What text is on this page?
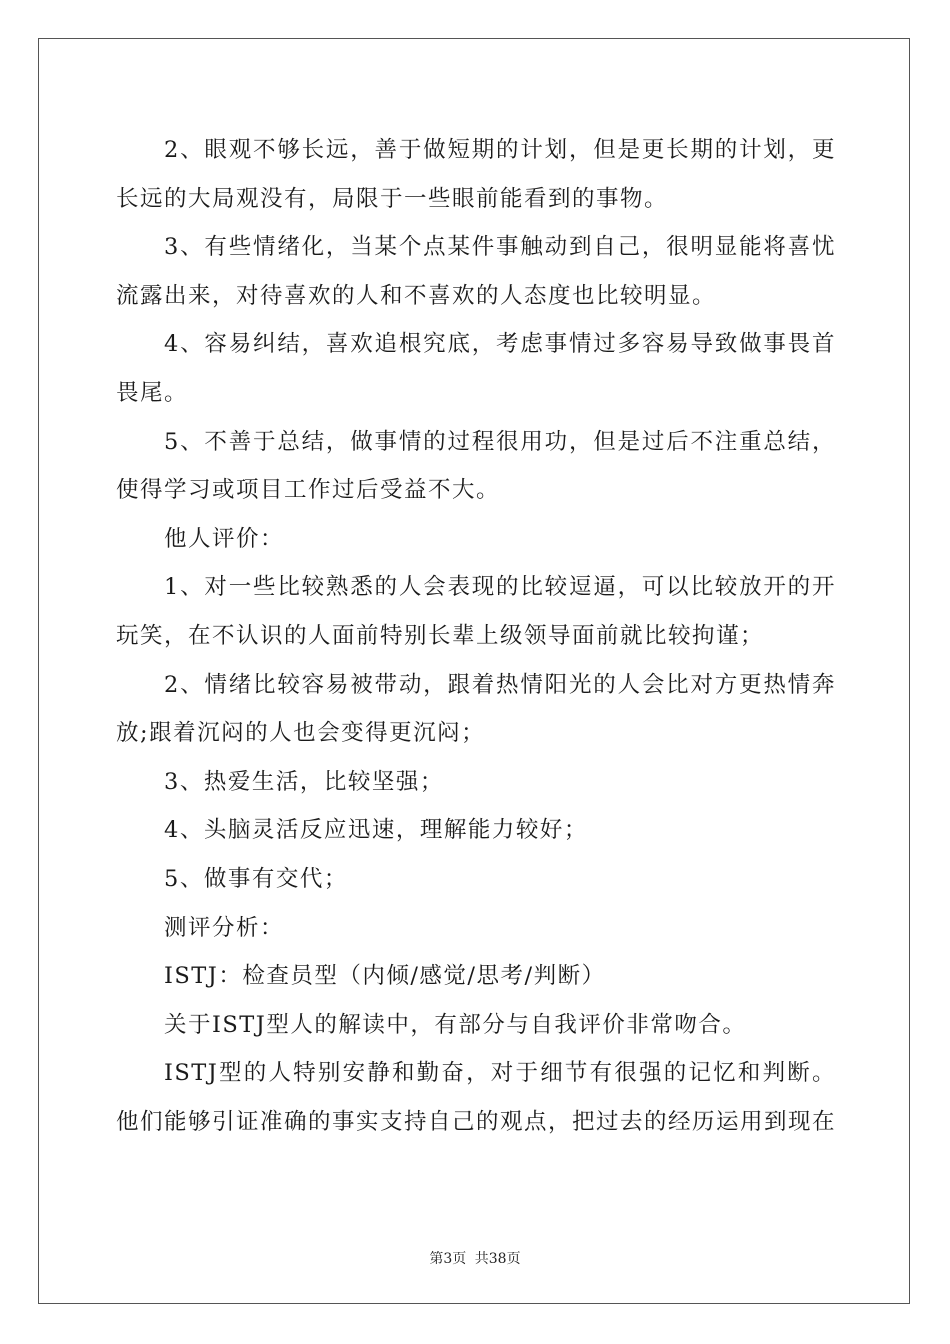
2、眼观不够长远，善于做短期的计划，但是更长期的计划，更长远的大局观没有，局限于一些眼前能看到的事物。

3、有些情绪化，当某个点某件事触动到自己，很明显能将喜忧流露出来，对待喜欢的人和不喜欢的人态度也比较明显。

4、容易纠结，喜欢追根究底，考虑事情过多容易导致做事畏首畏尾。

5、不善于总结，做事情的过程很用功，但是过后不注重总结，使得学习或项目工作过后受益不大。

他人评价：

1、对一些比较熟悉的人会表现的比较逗逼，可以比较放开的开玩笑，在不认识的人面前特别长辈上级领导面前就比较拘谨；

2、情绪比较容易被带动，跟着热情阳光的人会比对方更热情奔放;跟着沉闷的人也会变得更沉闷；

3、热爱生活，比较坚强；

4、头脑灵活反应迅速，理解能力较好；

5、做事有交代；

测评分析：

ISTJ：检查员型（内倾/感觉/思考/判断）

关于ISTJ型人的解读中，有部分与自我评价非常吻合。

ISTJ型的人特别安静和勤奋，对于细节有很强的记忆和判断。他们能够引证准确的事实支持自己的观点，把过去的经历运用到现在

第3页 共38页
